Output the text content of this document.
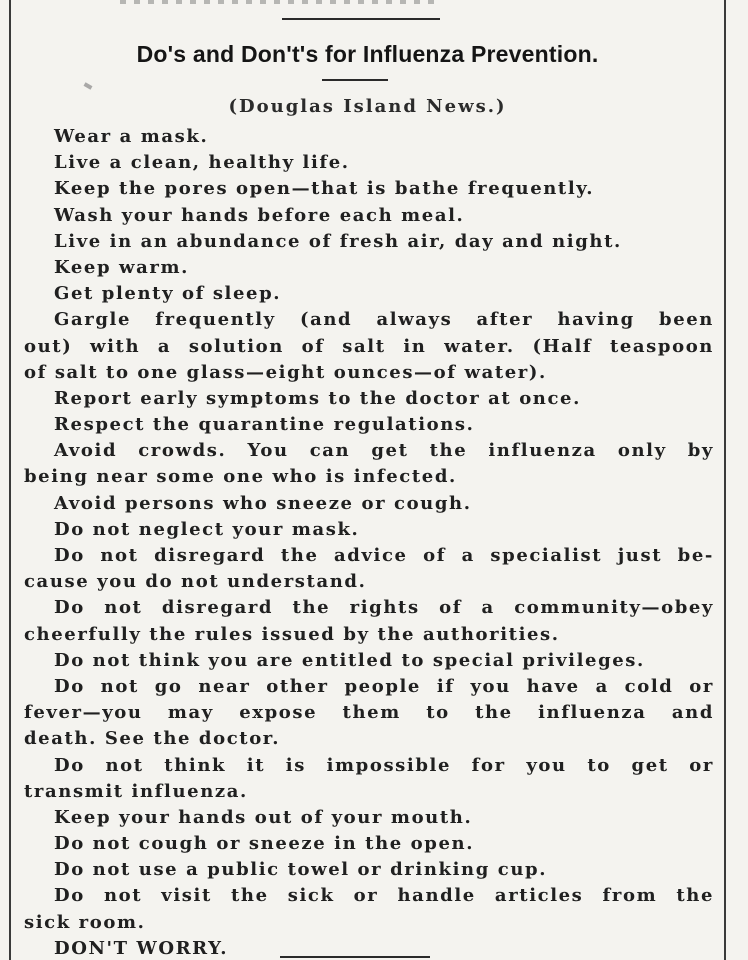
Do's and Don't's for Influenza Prevention.
(Douglas Island News.)
Wear a mask.
Live a clean, healthy life.
Keep the pores open—that is bathe frequently.
Wash your hands before each meal.
Live in an abundance of fresh air, day and night.
Keep warm.
Get plenty of sleep.
Gargle frequently (and always after having been
out) with a solution of salt in water. (Half teaspoon
of salt to one glass—eight ounces—of water).
Report early symptoms to the doctor at once.
Respect the quarantine regulations.
Avoid crowds. You can get the influenza only by
being near some one who is infected.
Avoid persons who sneeze or cough.
Do not neglect your mask.
Do not disregard the advice of a specialist just be-
cause you do not understand.
Do not disregard the rights of a community—obey
cheerfully the rules issued by the authorities.
Do not think you are entitled to special privileges.
Do not go near other people if you have a cold or
fever—you may expose them to the influenza and
death. See the doctor.
Do not think it is impossible for you to get or
transmit influenza.
Keep your hands out of your mouth.
Do not cough or sneeze in the open.
Do not use a public towel or drinking cup.
Do not visit the sick or handle articles from the
sick room.
DON'T WORRY.
